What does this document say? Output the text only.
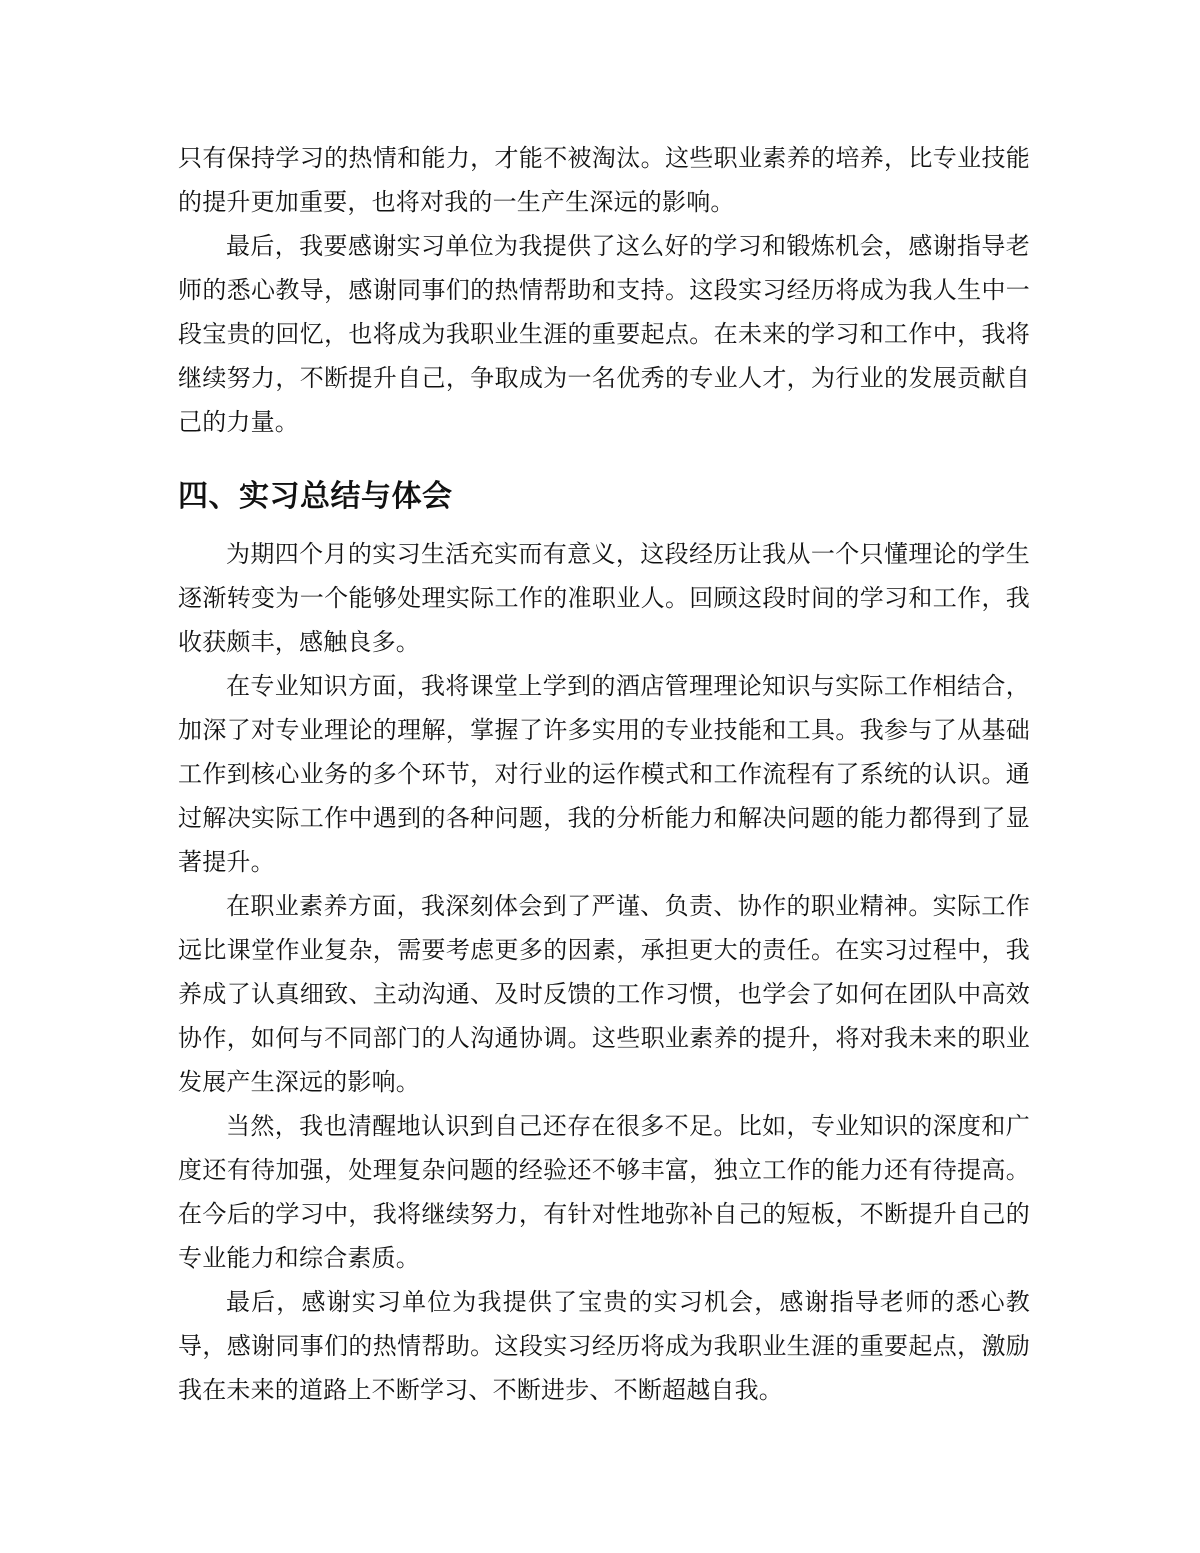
只有保持学习的热情和能力，才能不被淘汰。这些职业素养的培养，比专业技能的提升更加重要，也将对我的一生产生深远的影响。

最后，我要感谢实习单位为我提供了这么好的学习和锻炼机会，感谢指导老师的悉心教导，感谢同事们的热情帮助和支持。这段实习经历将成为我人生中一段宝贵的回忆，也将成为我职业生涯的重要起点。在未来的学习和工作中，我将继续努力，不断提升自己，争取成为一名优秀的专业人才，为行业的发展贡献自己的力量。

四、实习总结与体会

为期四个月的实习生活充实而有意义，这段经历让我从一个只懂理论的学生逐渐转变为一个能够处理实际工作的准职业人。回顾这段时间的学习和工作，我收获颇丰，感触良多。

在专业知识方面，我将课堂上学到的酒店管理理论知识与实际工作相结合，加深了对专业理论的理解，掌握了许多实用的专业技能和工具。我参与了从基础工作到核心业务的多个环节，对行业的运作模式和工作流程有了系统的认识。通过解决实际工作中遇到的各种问题，我的分析能力和解决问题的能力都得到了显著提升。

在职业素养方面，我深刻体会到了严谨、负责、协作的职业精神。实际工作远比课堂作业复杂，需要考虑更多的因素，承担更大的责任。在实习过程中，我养成了认真细致、主动沟通、及时反馈的工作习惯，也学会了如何在团队中高效协作，如何与不同部门的人沟通协调。这些职业素养的提升，将对我未来的职业发展产生深远的影响。

当然，我也清醒地认识到自己还存在很多不足。比如，专业知识的深度和广度还有待加强，处理复杂问题的经验还不够丰富，独立工作的能力还有待提高。在今后的学习中，我将继续努力，有针对性地弥补自己的短板，不断提升自己的专业能力和综合素质。

最后，感谢实习单位为我提供了宝贵的实习机会，感谢指导老师的悉心教导，感谢同事们的热情帮助。这段实习经历将成为我职业生涯的重要起点，激励我在未来的道路上不断学习、不断进步、不断超越自我。
